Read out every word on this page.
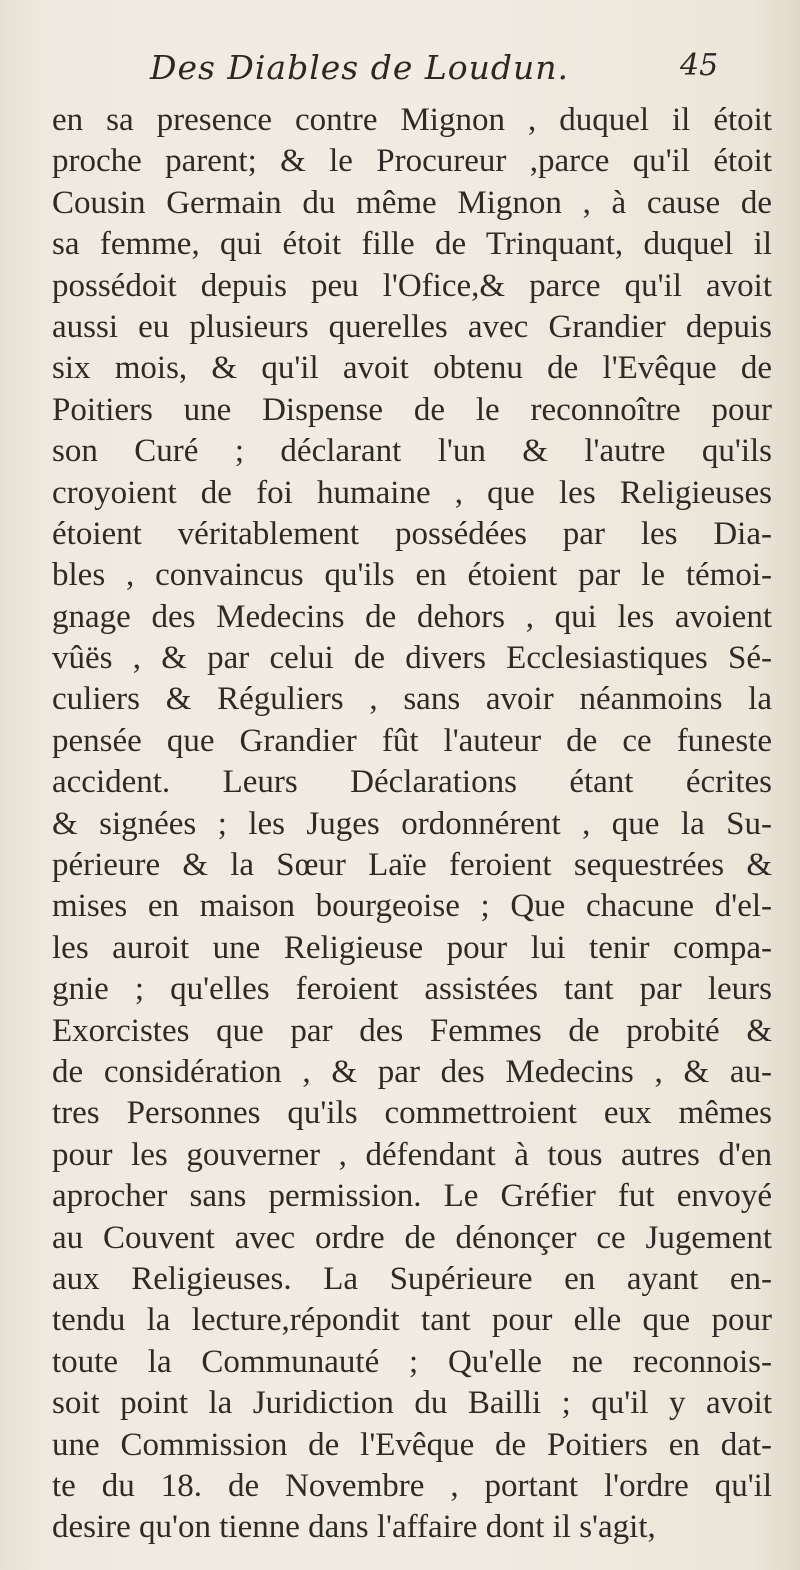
Des Diables de Loudun.	45
en sa presence contre Mignon , duquel il étoit
proche parent; & le Procureur ,parce qu'il étoit
Cousin Germain du même Mignon , à cause de
sa femme, qui étoit fille de Trinquant, duquel il
possédoit depuis peu l'Ofice,& parce qu'il avoit
aussi eu plusieurs querelles avec Grandier depuis
six mois, & qu'il avoit obtenu de l'Evêque de
Poitiers une Dispense de le reconnoître pour
son Curé ; déclarant l'un & l'autre qu'ils
croyoient de foi humaine , que les Religieuses
étoient véritablement possédées par les Dia-
bles , convaincus qu'ils en étoient par le témoi-
gnage des Medecins de dehors , qui les avoient
vûës , & par celui de divers Ecclesiastiques Sé-
culiers & Réguliers , sans avoir néanmoins la
pensée que Grandier fût l'auteur de ce funeste
accident. Leurs Déclarations étant écrites
& signées ; les Juges ordonnérent , que la Su-
périeure & la Sœur Laïe feroient sequestrées &
mises en maison bourgeoise ; Que chacune d'el-
les auroit une Religieuse pour lui tenir compa-
gnie ; qu'elles feroient assistées tant par leurs
Exorcistes que par des Femmes de probité &
de considération , & par des Medecins , & au-
tres Personnes qu'ils commettroient eux mêmes
pour les gouverner , défendant à tous autres d'en
aprocher sans permission. Le Gréfier fut envoyé
au Couvent avec ordre de dénonçer ce Jugement
aux Religieuses. La Supérieure en ayant en-
tendu la lecture,répondit tant pour elle que pour
toute la Communauté ; Qu'elle ne reconnois-
soit point la Juridiction du Bailli ; qu'il y avoit
une Commission de l'Evêque de Poitiers en dat-
te du 18. de Novembre , portant l'ordre qu'il
desire qu'on tienne dans l'affaire dont il s'agit,
